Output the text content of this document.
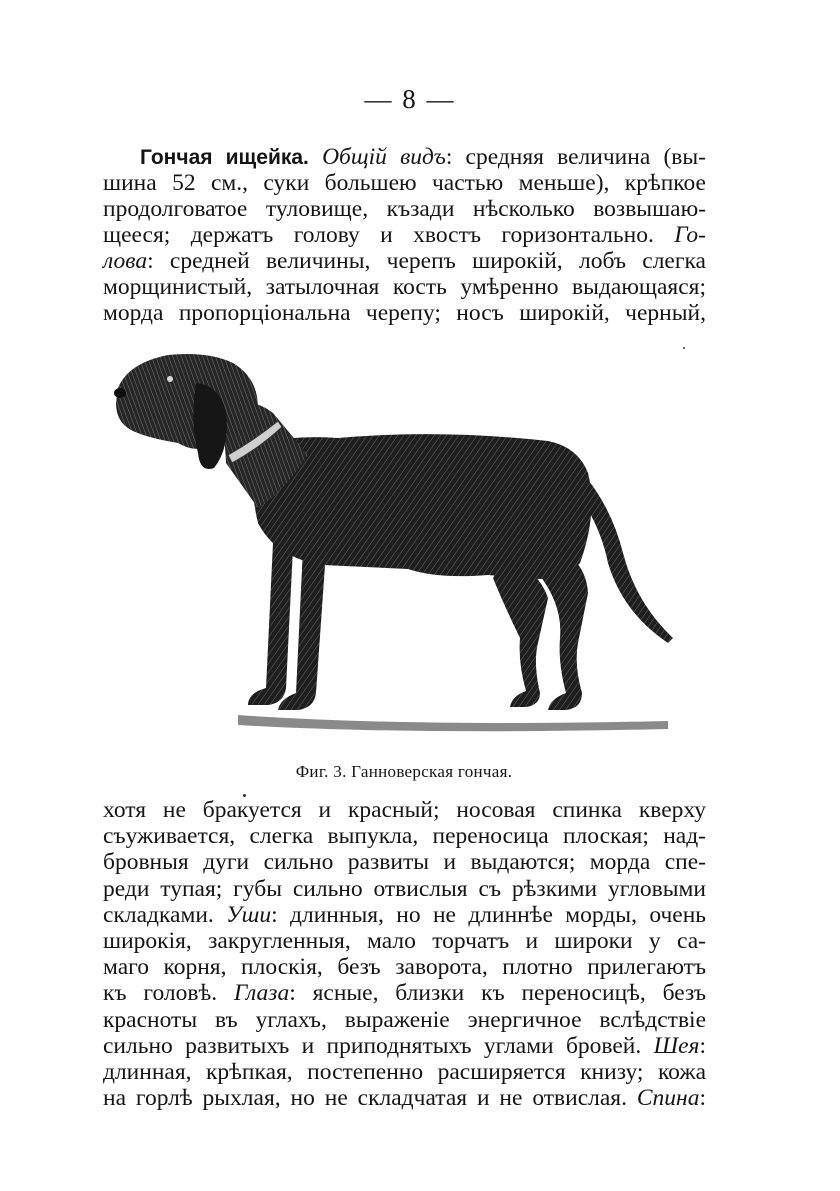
— 8 —
Гончая ищейка. Общій видъ: средняя величина (вы-
шина 52 см., суки большею частью меньше), крѣпкое
продолговатое туловище, къзади нѣсколько возвышаю-
щееся; держатъ голову и хвостъ горизонтально. Го-
лова: средней величины, черепъ широкій, лобъ слегка
морщинистый, затылочная кость умѣренно выдающаяся;
морда пропорціональна черепу; носъ широкій, черный,
Фиг. 3. Ганноверская гончая.
хотя не бракуется и красный; носовая спинка кверху
съуживается, слегка выпукла, переносица плоская; над-
бровныя дуги сильно развиты и выдаются; морда спе-
реди тупая; губы сильно отвислыя съ рѣзкими угловыми
складками. Уши: длинныя, но не длиннѣе морды, очень
широкія, закругленныя, мало торчатъ и широки у са-
маго корня, плоскія, безъ заворота, плотно прилегаютъ
къ головѣ. Глаза: ясные, близки къ переносицѣ, безъ
красноты въ углахъ, выраженіе энергичное вслѣдствіе
сильно развитыхъ и приподнятыхъ углами бровей. Шея:
длинная, крѣпкая, постепенно расширяется книзу; кожа
на горлѣ рыхлая, но не складчатая и не отвислая. Спина:
